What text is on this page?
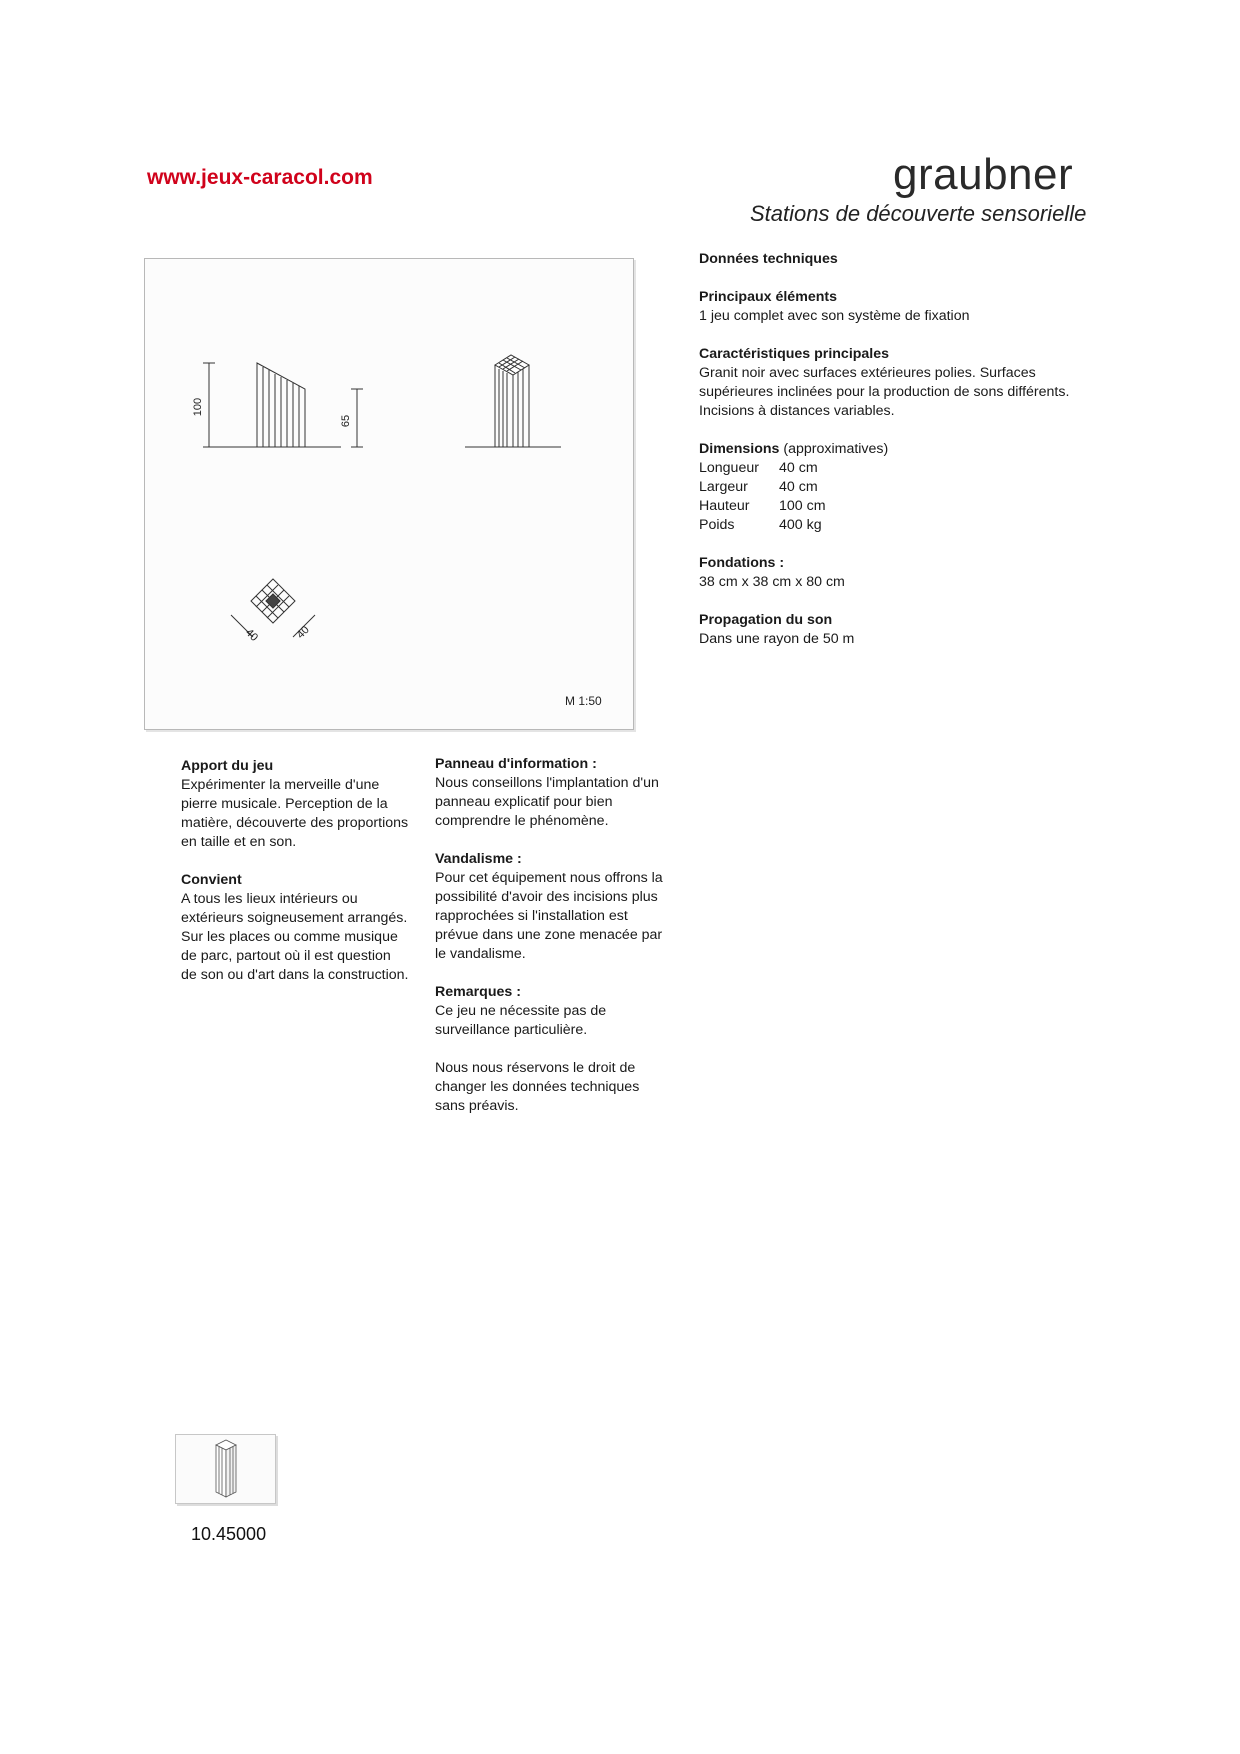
www.jeux-caracol.com	graubner
Stations de découverte sensorielle
100
65
40	40
M 1:50
Données techniques
Principaux éléments
1 jeu complet avec son système de fixation
Caractéristiques principales
Granit noir avec surfaces extérieures polies. Surfaces supérieures inclinées pour la production de sons différents. Incisions à distances variables.
Dimensions (approximatives)
Longueur	40 cm
Largeur	40 cm
Hauteur	100 cm
Poids	400 kg
Fondations :
38 cm x 38 cm x 80 cm
Propagation du son
Dans une rayon de 50 m
Apport du jeu
Expérimenter la merveille d'une pierre musicale. Perception de la matière, découverte des proportions en taille et en son.
Convient
A tous les lieux intérieurs ou extérieurs soigneusement arrangés. Sur les places ou comme musique de parc, partout où il est question de son ou d'art dans la construction.
Panneau d'information :
Nous conseillons l'implantation d'un panneau explicatif pour bien comprendre le phénomène.
Vandalisme :
Pour cet équipement nous offrons la possibilité d'avoir des incisions plus rapprochées si l'installation est prévue dans une zone menacée par le vandalisme.
Remarques :
Ce jeu ne nécessite pas de surveillance particulière.
Nous nous réservons le droit de changer les données techniques sans préavis.
10.45000
